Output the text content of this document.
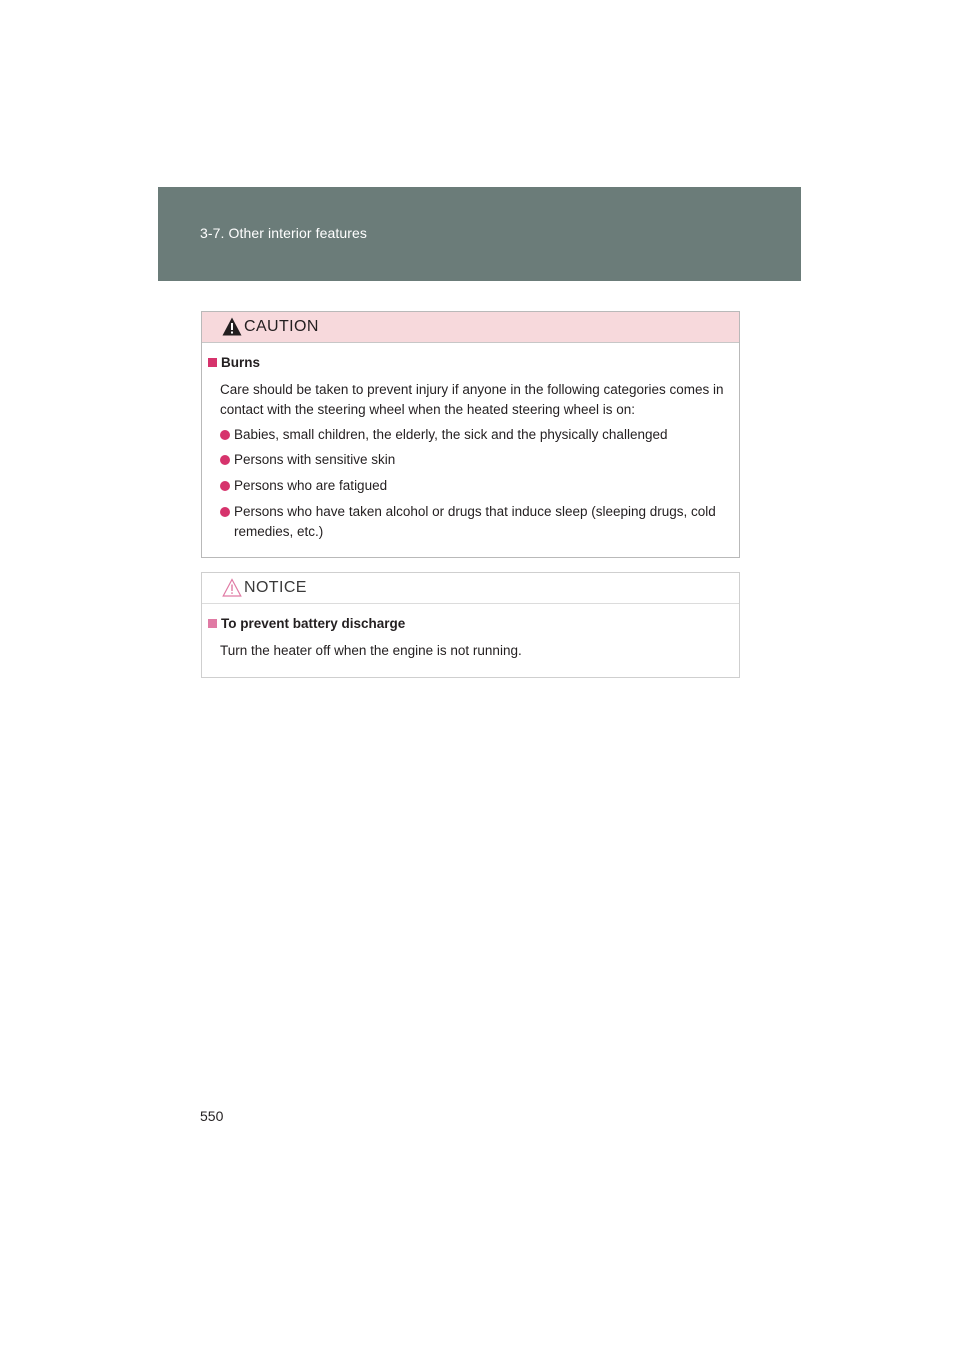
3-7. Other interior features
CAUTION
Burns
Care should be taken to prevent injury if anyone in the following categories comes in contact with the steering wheel when the heated steering wheel is on:
Babies, small children, the elderly, the sick and the physically challenged
Persons with sensitive skin
Persons who are fatigued
Persons who have taken alcohol or drugs that induce sleep (sleeping drugs, cold remedies, etc.)
NOTICE
To prevent battery discharge
Turn the heater off when the engine is not running.
550
